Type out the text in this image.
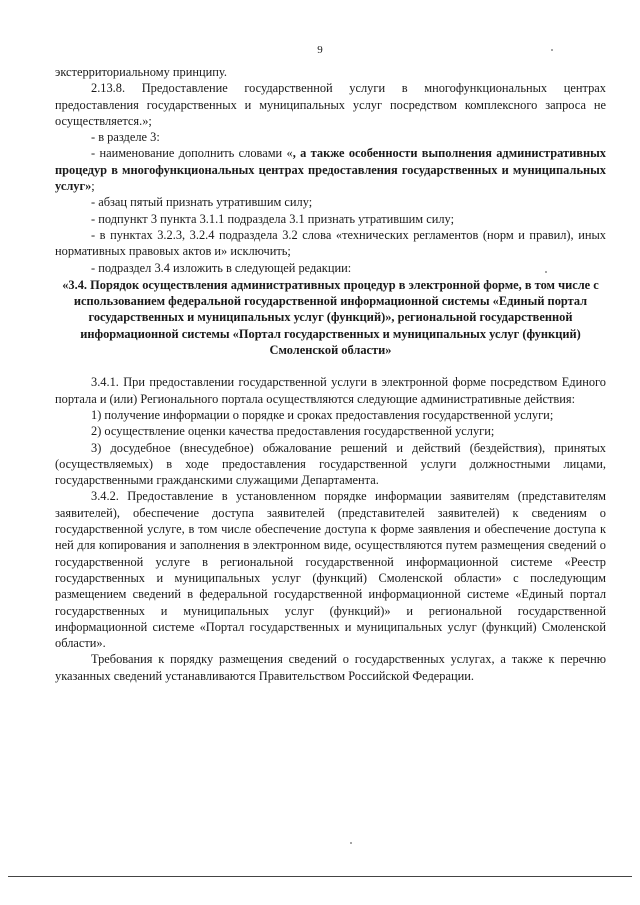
9

экстерриториальному принципу.

2.13.8. Предоставление государственной услуги в многофункциональных центрах предоставления государственных и муниципальных услуг посредством комплексного запроса не осуществляется.»;

- в разделе 3:

- наименование дополнить словами «, а также особенности выполнения административных процедур в многофункциональных центрах предоставления государственных и муниципальных услуг»;

- абзац пятый признать утратившим силу;

- подпункт 3 пункта 3.1.1 подраздела 3.1 признать утратившим силу;

- в пунктах 3.2.3, 3.2.4 подраздела 3.2 слова «технических регламентов (норм и правил), иных нормативных правовых актов и» исключить;

- подраздел 3.4 изложить в следующей редакции:

«3.4. Порядок осуществления административных процедур в электронной форме, в том числе с использованием федеральной государственной информационной системы «Единый портал государственных и муниципальных услуг (функций)», региональной государственной информационной системы «Портал государственных и муниципальных услуг (функций) Смоленской области»

3.4.1. При предоставлении государственной услуги в электронной форме посредством Единого портала и (или) Регионального портала осуществляются следующие административные действия:

1) получение информации о порядке и сроках предоставления государственной услуги;

2) осуществление оценки качества предоставления государственной услуги;

3) досудебное (внесудебное) обжалование решений и действий (бездействия), принятых (осуществляемых) в ходе предоставления государственной услуги должностными лицами, государственными гражданскими служащими Департамента.

3.4.2. Предоставление в установленном порядке информации заявителям (представителям заявителей), обеспечение доступа заявителей (представителей заявителей) к сведениям о государственной услуге, в том числе обеспечение доступа к форме заявления и обеспечение доступа к ней для копирования и заполнения в электронном виде, осуществляются путем размещения сведений о государственной услуге в региональной государственной информационной системе «Реестр государственных и муниципальных услуг (функций) Смоленской области» с последующим размещением сведений в федеральной государственной информационной системе «Единый портал государственных и муниципальных услуг (функций)» и региональной государственной информационной системе «Портал государственных и муниципальных услуг (функций) Смоленской области».

Требования к порядку размещения сведений о государственных услугах, а также к перечню указанных сведений устанавливаются Правительством Российской Федерации.
